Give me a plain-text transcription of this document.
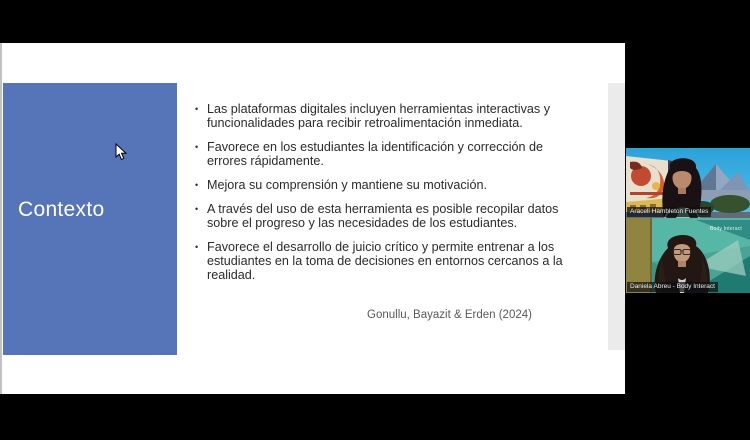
Contexto
• Las plataformas digitales incluyen herramientas interactivas y funcionalidades para recibir retroalimentación inmediata.
• Favorece en los estudiantes la identificación y corrección de errores rápidamente.
• Mejora su comprensión y mantiene su motivación.
• A través del uso de esta herramienta es posible recopilar datos sobre el progreso y las necesidades de los estudiantes.
• Favorece el desarrollo de juicio crítico y permite entrenar a los estudiantes en la toma de decisiones en entornos cercanos a la realidad.
Gonullu, Bayazit & Erden (2024)
Araceli Hambleton Fuentes
Body Interact
Daniela Abreu - Body Interact
